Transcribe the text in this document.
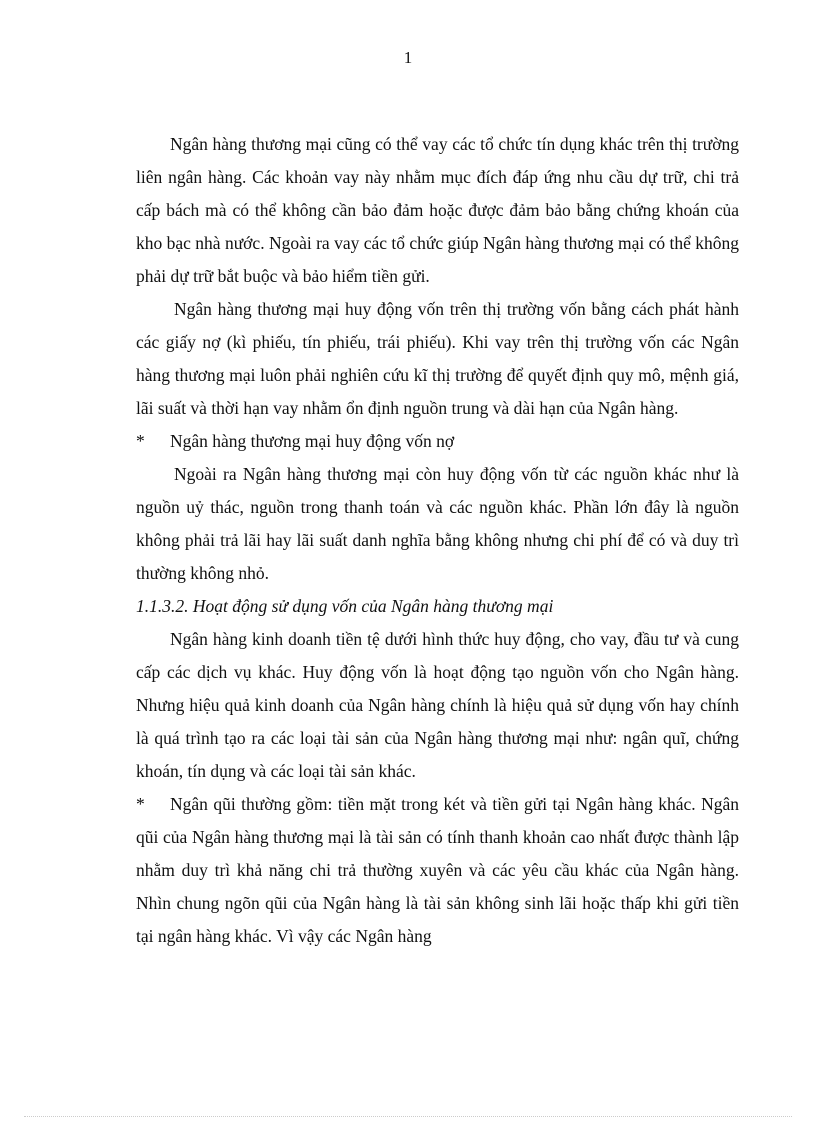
1

Ngân hàng thương mại cũng có thể vay các tổ chức tín dụng khác trên thị trường liên ngân hàng. Các khoản vay này nhằm mục đích đáp ứng nhu cầu dự trữ, chi trả cấp bách mà có thể không cần bảo đảm hoặc được đảm bảo bằng chứng khoán của kho bạc nhà nước. Ngoài ra vay các tổ chức giúp Ngân hàng thương mại có thể không phải dự trữ bắt buộc và bảo hiểm tiền gửi.

Ngân hàng thương mại huy động vốn trên thị trường vốn bằng cách phát hành các giấy nợ (kì phiếu, tín phiếu, trái phiếu). Khi vay trên thị trường vốn các Ngân hàng thương mại luôn phải nghiên cứu kĩ thị trường để quyết định quy mô, mệnh giá, lãi suất và thời hạn vay nhằm ổn định nguồn trung và dài hạn của Ngân hàng.

*	Ngân hàng thương mại huy động vốn nợ

Ngoài ra Ngân hàng thương mại còn huy động vốn từ các nguồn khác như là nguồn uỷ thác, nguồn trong thanh toán và các nguồn khác. Phần lớn đây là nguồn không phải trả lãi hay lãi suất danh nghĩa bằng không nhưng chi phí để có và duy trì thường không nhỏ.

1.1.3.2. Hoạt động sử dụng vốn của Ngân hàng thương mại

Ngân hàng kinh doanh tiền tệ dưới hình thức huy động, cho vay, đầu tư và cung cấp các dịch vụ khác. Huy động vốn là hoạt động tạo nguồn vốn cho Ngân hàng. Nhưng hiệu quả kinh doanh của Ngân hàng chính là hiệu quả sử dụng vốn hay chính là quá trình tạo ra các loại tài sản của Ngân hàng thương mại như: ngân quĩ, chứng khoán, tín dụng và các loại tài sản khác.

* Ngân qũi thường gồm: tiền mặt trong két và tiền gửi tại Ngân hàng khác. Ngân qũi của Ngân hàng thương mại là tài sản có tính thanh khoản cao nhất được thành lập nhằm duy trì khả năng chi trả thường xuyên và các yêu cầu khác của Ngân hàng. Nhìn chung ngõn qũi của Ngân hàng là tài sản không sinh lãi hoặc thấp khi gửi tiền tại ngân hàng khác. Vì vậy các Ngân hàng
